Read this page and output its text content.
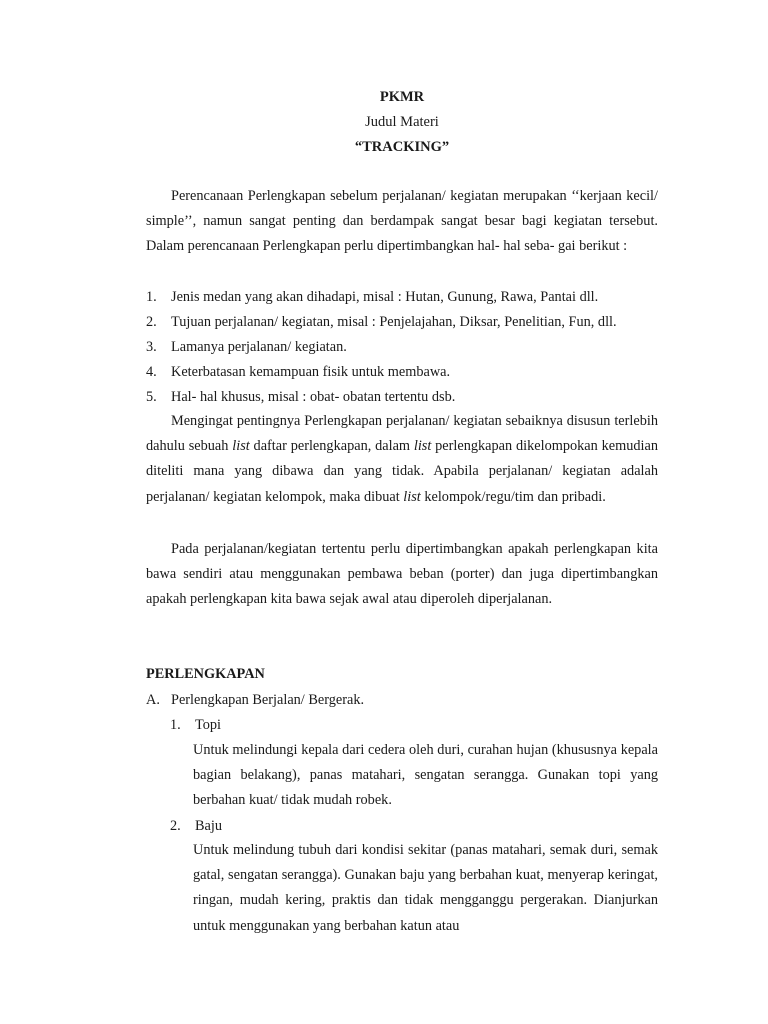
PKMR

Judul Materi

“TRACKING”

Perencanaan Perlengkapan sebelum perjalanan/ kegiatan merupakan ‘‘kerjaan kecil/ simple’’, namun sangat penting dan berdampak sangat besar bagi kegiatan tersebut. Dalam perencanaan Perlengkapan perlu dipertimbangkan hal- hal seba- gai berikut :

1. Jenis medan yang akan dihadapi, misal : Hutan, Gunung, Rawa, Pantai dll.
2. Tujuan perjalanan/ kegiatan, misal : Penjelajahan, Diksar, Penelitian, Fun, dll.
3. Lamanya perjalanan/ kegiatan.
4. Keterbatasan kemampuan fisik untuk membawa.
5. Hal- hal khusus, misal : obat- obatan tertentu dsb.

Mengingat pentingnya Perlengkapan perjalanan/ kegiatan sebaiknya disusun terlebih dahulu sebuah list daftar perlengkapan, dalam list perlengkapan dikelompokan kemudian diteliti mana yang dibawa dan yang tidak. Apabila perjalanan/ kegiatan adalah perjalanan/ kegiatan kelompok, maka dibuat list kelompok/regu/tim dan pribadi.

Pada perjalanan/kegiatan tertentu perlu dipertimbangkan apakah perlengkapan kita bawa sendiri atau menggunakan pembawa beban (porter) dan juga dipertimbangkan apakah perlengkapan kita bawa sejak awal atau diperoleh diperjalanan.

PERLENGKAPAN

A. Perlengkapan Berjalan/ Bergerak.
1. Topi

Untuk melindungi kepala dari cedera oleh duri, curahan hujan (khususnya kepala bagian belakang), panas matahari, sengatan serangga. Gunakan topi yang berbahan kuat/ tidak mudah robek.

2. Baju

Untuk melindung tubuh dari kondisi sekitar (panas matahari, semak duri, semak gatal, sengatan serangga). Gunakan baju yang berbahan kuat, menyerap keringat, ringan, mudah kering, praktis dan tidak mengganggu pergerakan. Dianjurkan untuk menggunakan yang berbahan katun atau
